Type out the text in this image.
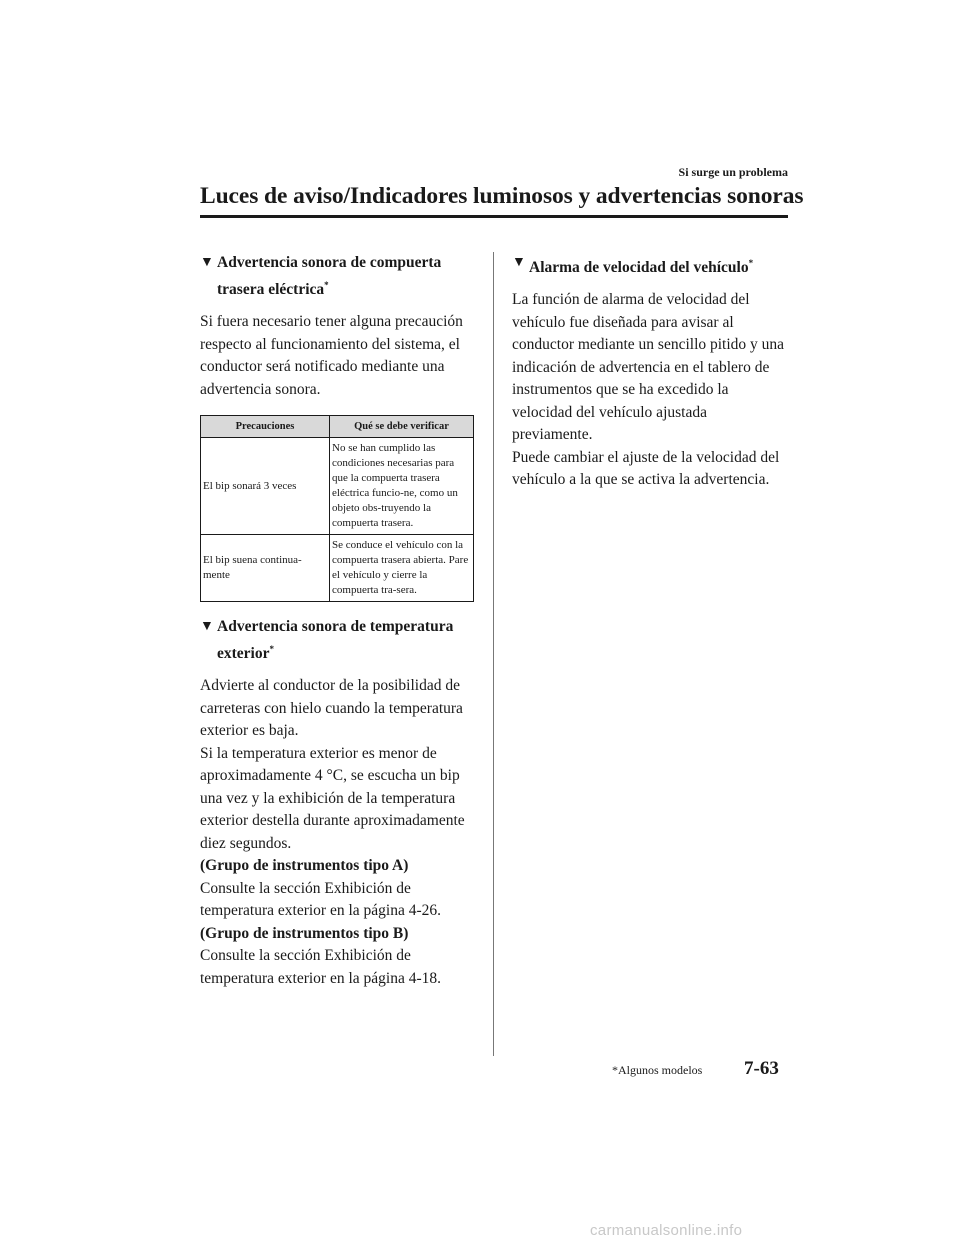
Si surge un problema
Luces de aviso/Indicadores luminosos y advertencias sonoras
▼ Advertencia sonora de compuerta
trasera eléctrica*

Si fuera necesario tener alguna precaución respecto al funcionamiento del sistema, el conductor será notificado mediante una advertencia sonora.

Precauciones	Qué se debe verificar
El bip sonará 3 veces	No se han cumplido las condiciones necesarias para que la compuerta trasera eléctrica funcio-ne, como un objeto obs-truyendo la compuerta trasera.
El bip suena continua-mente	Se conduce el vehículo con la compuerta trasera abierta. Pare el vehículo y cierre la compuerta tra-sera.
▼ Advertencia sonora de temperatura
exterior*

Advierte al conductor de la posibilidad de carreteras con hielo cuando la temperatura exterior es baja.

Si la temperatura exterior es menor de aproximadamente 4 °C, se escucha un bip una vez y la exhibición de la temperatura exterior destella durante aproximadamente diez segundos.

(Grupo de instrumentos tipo A)

Consulte la sección Exhibición de temperatura exterior en la página 4-26.

(Grupo de instrumentos tipo B)

Consulte la sección Exhibición de temperatura exterior en la página 4-18.

▼ Alarma de velocidad del vehículo*

La función de alarma de velocidad del vehículo fue diseñada para avisar al conductor mediante un sencillo pitido y una indicación de advertencia en el tablero de instrumentos que se ha excedido la velocidad del vehículo ajustada previamente.

Puede cambiar el ajuste de la velocidad del vehículo a la que se activa la advertencia.

*Algunos modelos 7-63
carmanualsonline.info
